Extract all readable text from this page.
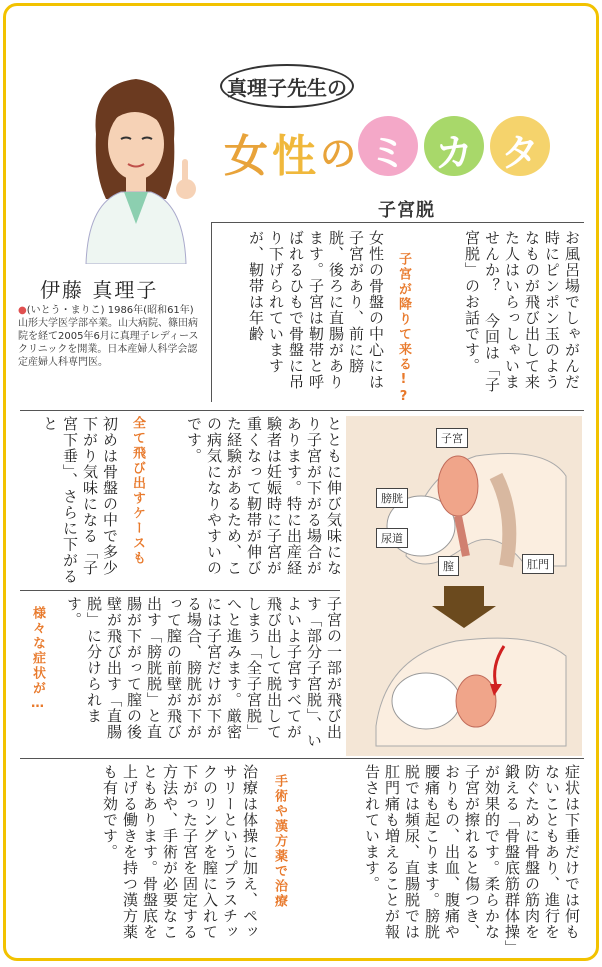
真理子先生の
女 性 の ミ カ タ
子宮脱
伊藤 真理子
●(いとう・まりこ) 1986年(昭和61年)山形大学医学部卒業。山大病院、篠田病院を経て2005年6月に真理子レディースクリニックを開業。日本産婦人科学会認定産婦人科専門医。	お風呂場でしゃがんだ時にピンポン玉のようなものが飛び出して来た人はいらっしゃいませんか？ 今回は「子宮脱」のお話です。
子宮が降りて来る!?
女性の骨盤の中心には子宮があり、前に膀胱、後ろに直腸があります。子宮は靭帯と呼ばれるひもで骨盤に吊り下げられていますが、靭帯は年齢
とともに伸び気味になり子宮が下がる場合があります。特に出産経験者は妊娠時に子宮が重くなって靭帯が伸びた経験があるため、この病気になりやすいのです。
全て飛び出すケースも
初めは骨盤の中で多少下がり気味になる「子宮下垂」、さらに下がると
子宮の一部が飛び出す「部分子宮脱」、いよいよ子宮すべてが飛び出して脱出してしまう「全子宮脱」へと進みます。厳密には子宮だけが下がる場合、膀胱が下がって膣の前壁が飛び出す「膀胱脱」と直腸が下がって膣の後壁が飛び出す「直腸脱」に分けられます。
様々な症状が…
子宮
膀胱
尿道
膣	肛門
症状は下垂だけでは何もないこともあり、進行を防ぐために骨盤の筋肉を鍛える「骨盤底筋群体操」が効果的です。柔らかな子宮が擦れると傷つき、おりもの、出血、腹痛や腰痛も起こります。膀胱脱では頻尿、直腸脱では肛門痛も増えることが報告されています。
手術や漢方薬で治療
治療は体操に加え、ペッサリーというプラスチックのリングを膣に入れて下がった子宮を固定する方法や、手術が必要なこともあります。骨盤底を上げる働きを持つ漢方薬も有効です。
